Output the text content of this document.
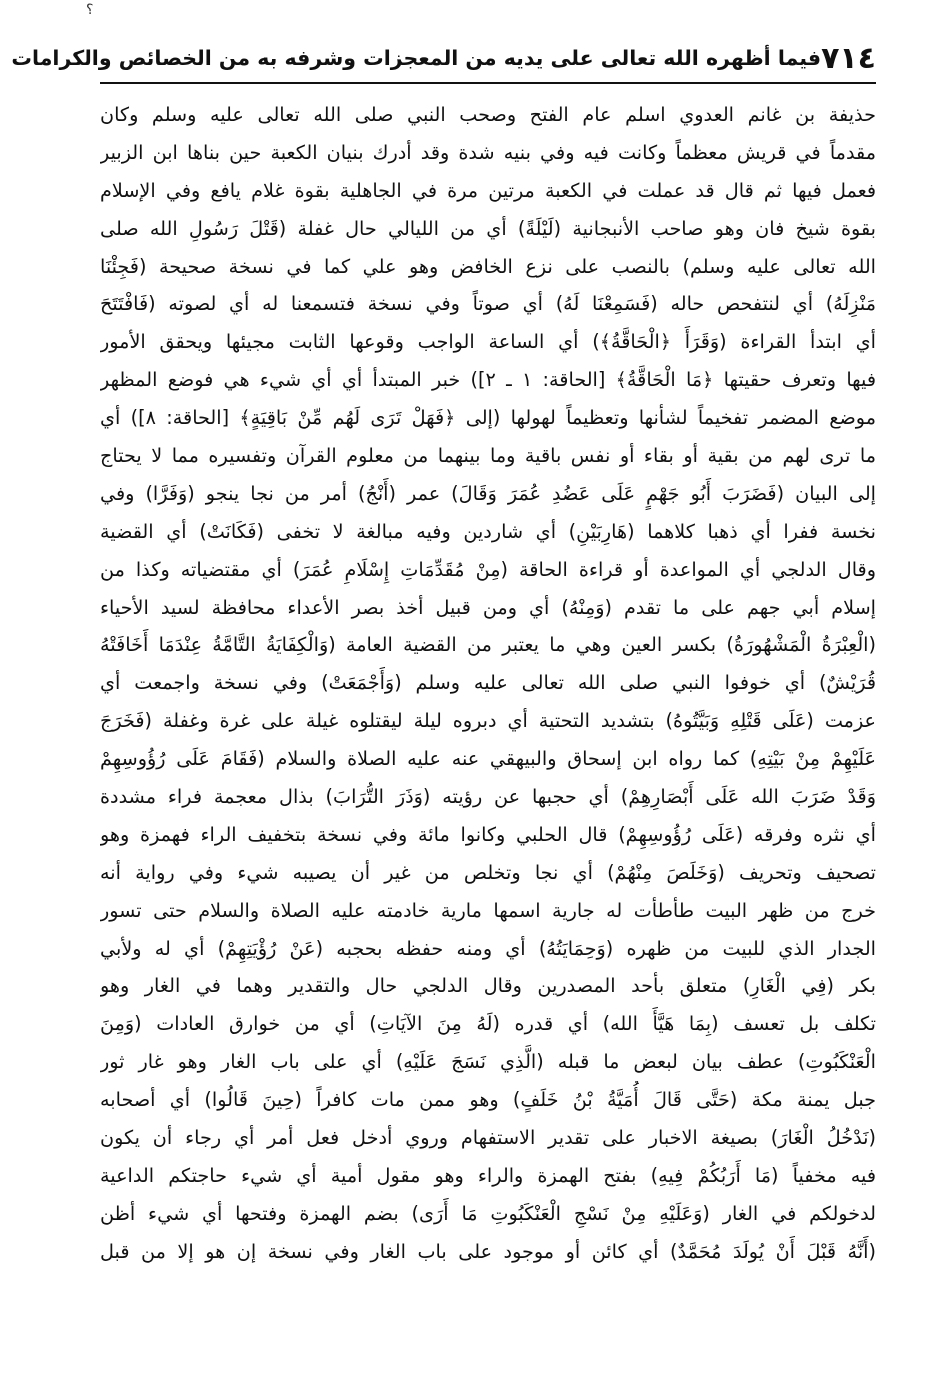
؟
٧١٤
فيما أظهره الله تعالى على يديه من المعجزات وشرفه به من الخصائص والكرامات
حذيفة بن غانم العدوي اسلم عام الفتح وصحب النبي صلى الله تعالى عليه وسلم وكان
مقدماً في قريش معظماً وكانت فيه وفي بنيه شدة وقد أدرك بنيان الكعبة حين بناها ابن الزبير
فعمل فيها ثم قال قد عملت في الكعبة مرتين مرة في الجاهلية بقوة غلام يافع وفي الإسلام
بقوة شيخ فان وهو صاحب الأنبجانية (لَيْلَةً) أي من الليالي حال غفلة (قَتْلَ رَسُولِ الله صلى
الله تعالى عليه وسلم) بالنصب على نزع الخافض وهو علي كما في نسخة صحيحة (فَجِئْنَا
مَنْزِلَهُ) أي لنتفحص حاله (فَسَمِعْنَا لَهُ) أي صوتاً وفي نسخة فتسمعنا له أي لصوته (فَافْتَتَحَ
أي ابتدأ القراءة (وَقَرَأَ ﴿الْحَاقَّةُ﴾) أي الساعة الواجب وقوعها الثابت مجيئها ويحقق الأمور
فيها وتعرف حقيتها ﴿مَا الْحَاقَّةُ﴾ [الحاقة: ١ ـ ٢]) خبر المبتدأ أي أي شيء هي فوضع المظهر
موضع المضمر تفخيماً لشأنها وتعظيماً لهولها (إلى ﴿فَهَلْ تَرَى لَهُم مِّنْ بَاقِيَةٍ﴾ [الحاقة: ٨]) أي
ما ترى لهم من بقية أو بقاء أو نفس باقية وما بينهما من معلوم القرآن وتفسيره مما لا يحتاج
إلى البيان (فَضَرَبَ أَبُو جَهْمٍ عَلَى عَضُدِ عُمَرَ وَقَالَ) عمر (أَنْجُ) أمر من نجا ينجو (وَفَرَّا) وفي
نخسة ففرا أي ذهبا كلاهما (هَارِبَيْنِ) أي شاردين وفيه مبالغة لا تخفى (فَكَانَتْ) أي القضية
وقال الدلجي أي المواعدة أو قراءة الحاقة (مِنْ مُقَدِّمَاتِ إِسْلَامِ عُمَرَ) أي مقتضياته وكذا من
إسلام أبي جهم على ما تقدم (وَمِنْهُ) أي ومن قبيل أخذ بصر الأعداء محافظة لسيد الأحياء
(الْعِبْرَةُ الْمَشْهُورَةُ) بكسر العين وهي ما يعتبر من القضية العامة (وَالْكِفَايَةُ التَّامَّةُ عِنْدَمَا أَخَافَتْهُ
قُرَيْشٌ) أي خوفوا النبي صلى الله تعالى عليه وسلم (وَأَجْمَعَتْ) وفي نسخة واجمعت أي
عزمت (عَلَى قَتْلِهِ وَبَيَّتُوهُ) بتشديد التحتية أي دبروه ليلة ليقتلوه غيلة على غرة وغفلة (فَخَرَجَ
عَلَيْهِمْ مِنْ بَيْتِهِ) كما رواه ابن إسحاق والبيهقي عنه عليه الصلاة والسلام (فَقَامَ عَلَى رُؤُوسِهِمْ
وَقَدْ ضَرَبَ الله عَلَى أَبْصَارِهِمْ) أي حجبها عن رؤيته (وَذَرَ التُّرَابَ) بذال معجمة فراء مشددة
أي نثره وفرقه (عَلَى رُؤُوسِهِمْ) قال الحلبي وكانوا مائة وفي نسخة بتخفيف الراء فهمزة وهو
تصحيف وتحريف (وَخَلَصَ مِنْهُمْ) أي نجا وتخلص من غير أن يصيبه شيء وفي رواية أنه
خرج من ظهر البيت طأطأت له جارية اسمها مارية خادمته عليه الصلاة والسلام حتى تسور
الجدار الذي للبيت من ظهره (وَحِمَايَتُهُ) أي ومنه حفظه بحجبه (عَنْ رُؤْيَتِهِمْ) أي له ولأبي
بكر (فِي الْغَارِ) متعلق بأحد المصدرين وقال الدلجي حال والتقدير وهما في الغار وهو
تكلف بل تعسف (بِمَا هَيَّأَ الله) أي قدره (لَهُ مِنَ الآيَاتِ) أي من خوارق العادات (وَمِنَ
الْعَنْكَبُوتِ) عطف بيان لبعض ما قبله (الَّذِي نَسَجَ عَلَيْهِ) أي على باب الغار وهو غار ثور
جبل يمنة مكة (حَتَّى قَالَ أُمَيَّةُ بْنُ خَلَفٍ) وهو ممن مات كافراً (حِينَ قَالُوا) أي أصحابه
(نَدْخُلُ الْغَارَ) بصيغة الاخبار على تقدير الاستفهام وروي أدخل فعل أمر أي رجاء أن يكون
فيه مخفياً (مَا أَرَبُكُمْ فِيهِ) بفتح الهمزة والراء وهو مقول أمية أي شيء حاجتكم الداعية
لدخولكم في الغار (وَعَلَيْهِ مِنْ نَسْجِ الْعَنْكَبُوتِ مَا أَرَى) بضم الهمزة وفتحها أي شيء أظن
(أَنَّهُ قَبْلَ أَنْ يُولَدَ مُحَمَّدٌ) أي كائن أو موجود على باب الغار وفي نسخة إن هو إلا من قبل
